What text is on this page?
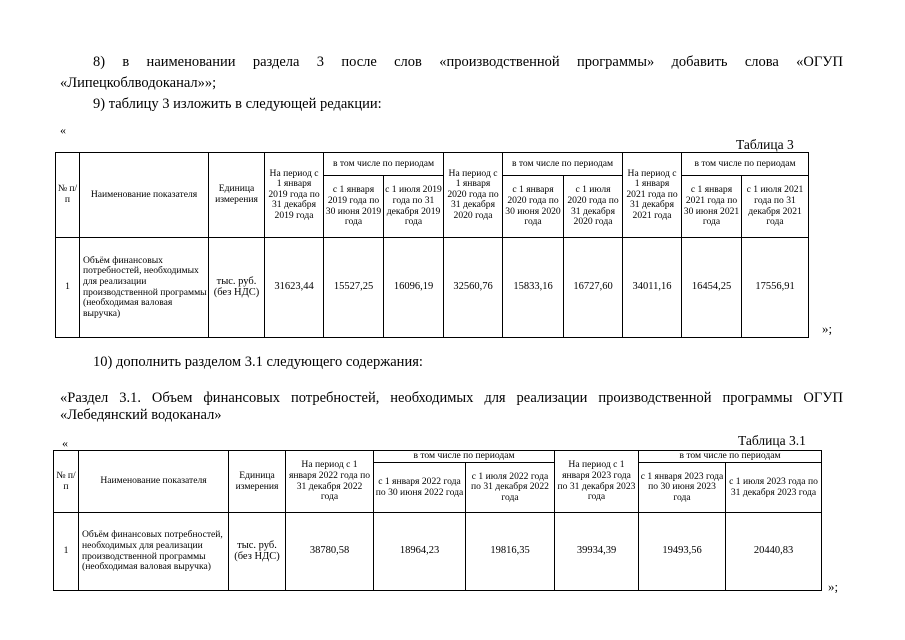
8) в наименовании раздела 3 после слов «производственной программы» добавить слова «ОГУП
«Липецкоблводоканал»»;
9) таблицу 3 изложить в следующей редакции:
«
Таблица 3
№ п/п	Наименование показателя	Единица измерения	На период с 1 января 2019 года по 31 декабря 2019 года	в том числе по периодам		На период с 1 января 2020 года по 31 декабря 2020 года	в том числе по периодам		На период с 1 января 2021 года по 31 декабря 2021 года	в том числе по периодам	
				с 1 января 2019 года по 30 июня 2019 года	с 1 июля 2019 года по 31 декабря 2019 года		с 1 января 2020 года по 30 июня 2020 года	с 1 июля 2020 года по 31 декабря 2020 года		с 1 января 2021 года по 30 июня 2021 года	с 1 июля 2021 года по 31 декабря 2021 года
1	Объём финансовых потребностей, необходимых для реализации производственной программы (необходимая валовая выручка)	тыс. руб. (без НДС)	31623,44	15527,25	16096,19	32560,76	15833,16	16727,60	34011,16	16454,25	17556,91
»;
10) дополнить разделом 3.1 следующего содержания:
«Раздел 3.1. Объем финансовых потребностей, необходимых для реализации производственной программы ОГУП
«Лебедянский водоканал»
«	Таблица 3.1
№ п/п	Наименование показателя	Единица измерения	На период с 1 января 2022 года по 31 декабря 2022 года	в том числе по периодам		На период с 1 января 2023 года по 31 декабря 2023 года	в том числе по периодам	
				с 1 января 2022 года по 30 июня 2022 года	с 1 июля 2022 года по 31 декабря 2022 года		с 1 января 2023 года по 30 июня 2023 года	с 1 июля 2023 года по 31 декабря 2023 года
1	Объём финансовых потребностей, необходимых для реализации производственной программы (необходимая валовая выручка)	тыс. руб. (без НДС)	38780,58	18964,23	19816,35	39934,39	19493,56	20440,83
»;
